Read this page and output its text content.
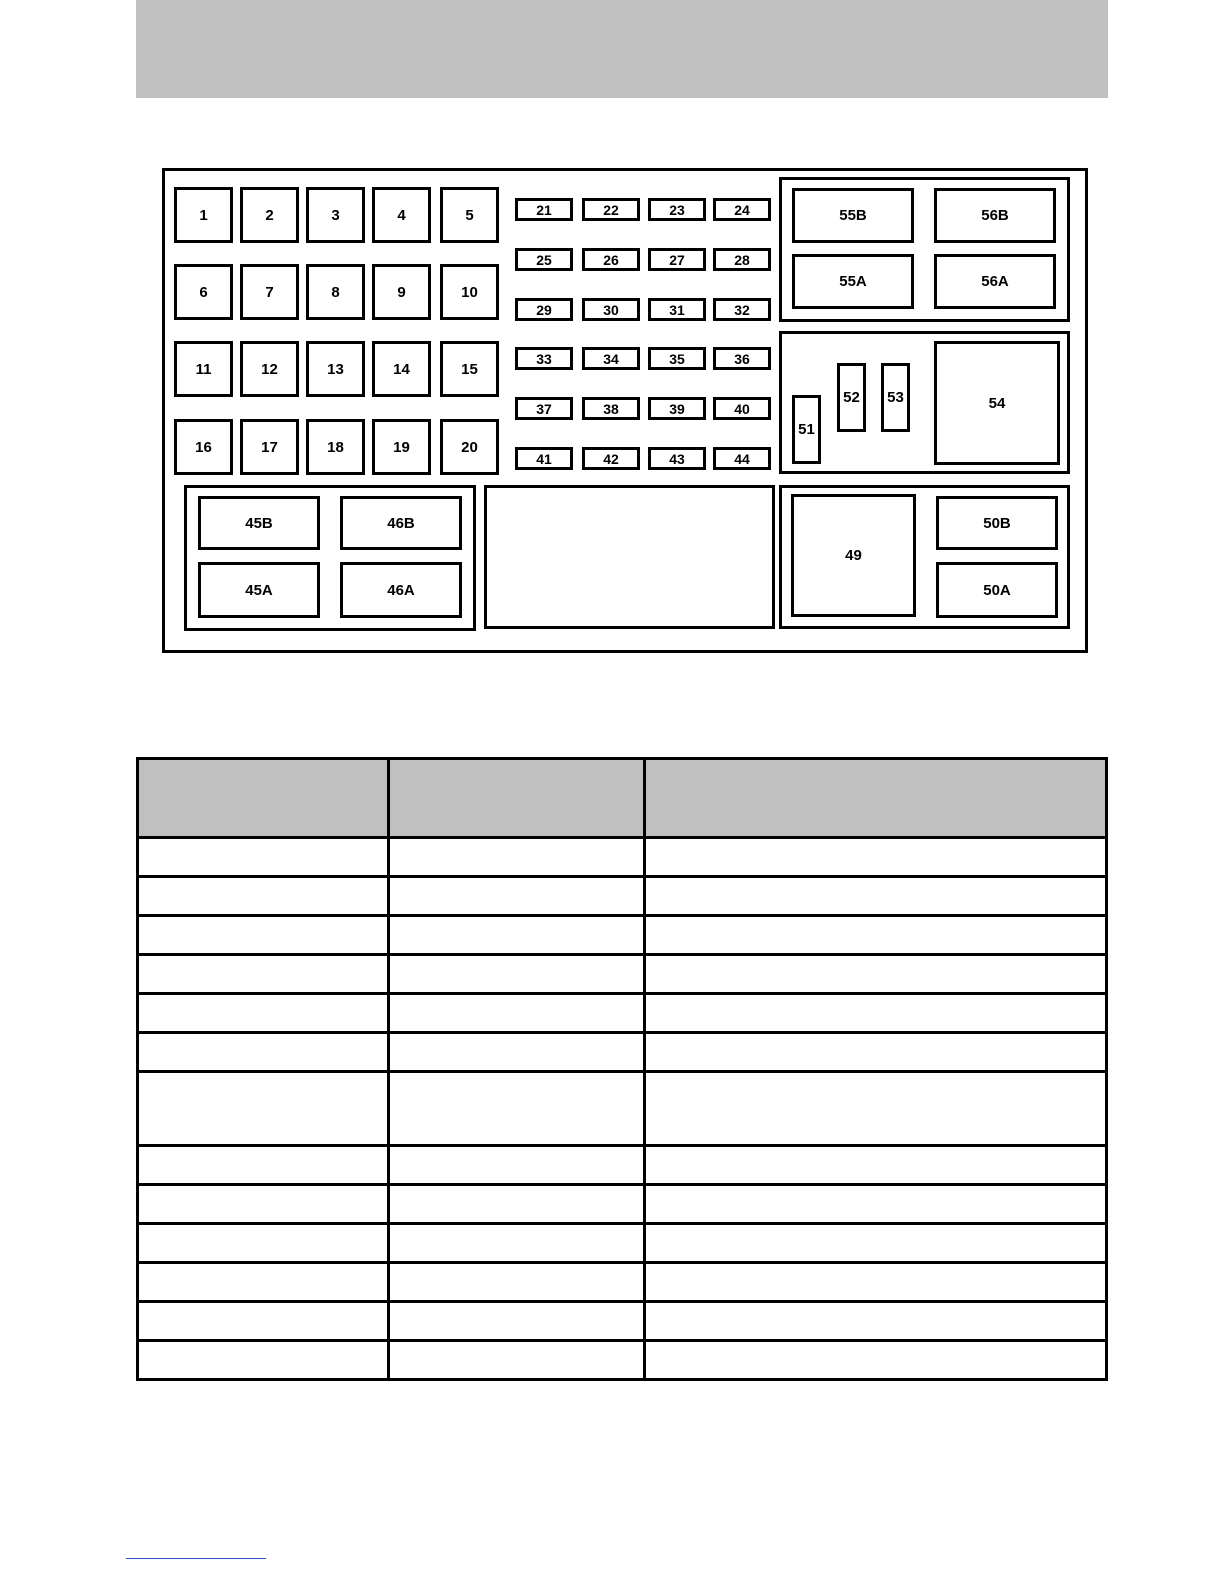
1	2	3	4	5
6	7	8	9	10
11	12	13	14	15
16	17	18	19	20
21	22	23	24
25	26	27	28
29	30	31	32
33	34	35	36
37	38	39	40
41	42	43	44
55B	56B
55A	56A
51
52	53	54
45B	46B
45A	46A
49
50B
50A
